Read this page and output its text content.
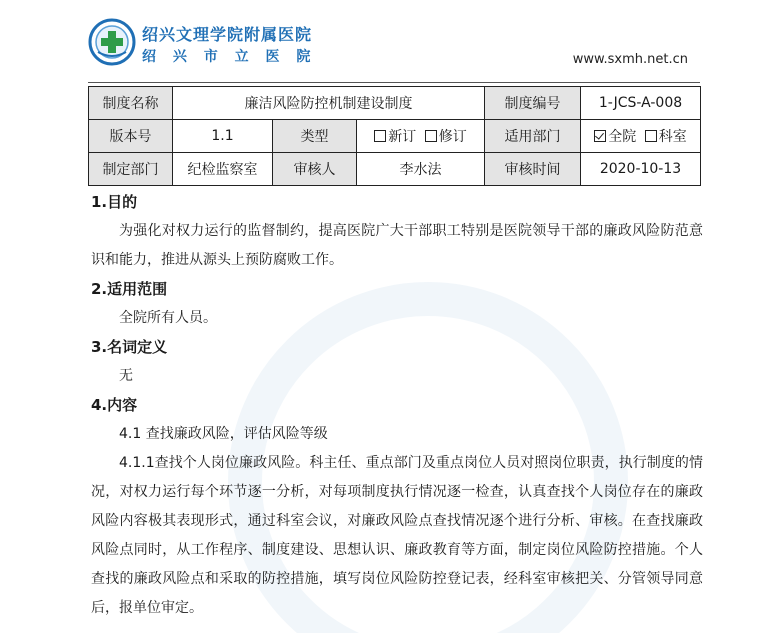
绍兴文理学院附属医院
绍 兴 市 立 医 院	www.sxmh.net.cn
制度名称	廉洁风险防控机制建设制度			制度编号	1-JCS-A-008
版本号	1.1	类型	新订 修订	适用部门	全院 科室
制定部门	纪检监察室	审核人	李水法	审核时间	2020-10-13
1.目的
为强化对权力运行的监督制约，提高医院广大干部职工特别是医院领导干部的廉政风险防范意识和能力，推进从源头上预防腐败工作。
2.适用范围
全院所有人员。
3.名词定义
无
4.内容
4.1 查找廉政风险，评估风险等级
4.1.1查找个人岗位廉政风险。科主任、重点部门及重点岗位人员对照岗位职责，执行制度的情况，对权力运行每个环节逐一分析，对每项制度执行情况逐一检查，认真查找个人岗位存在的廉政风险内容极其表现形式，通过科室会议，对廉政风险点查找情况逐个进行分析、审核。在查找廉政风险点同时，从工作程序、制度建设、思想认识、廉政教育等方面，制定岗位风险防控措施。个人查找的廉政风险点和采取的防控措施，填写岗位风险防控登记表，经科室审核把关、分管领导同意后，报单位审定。
